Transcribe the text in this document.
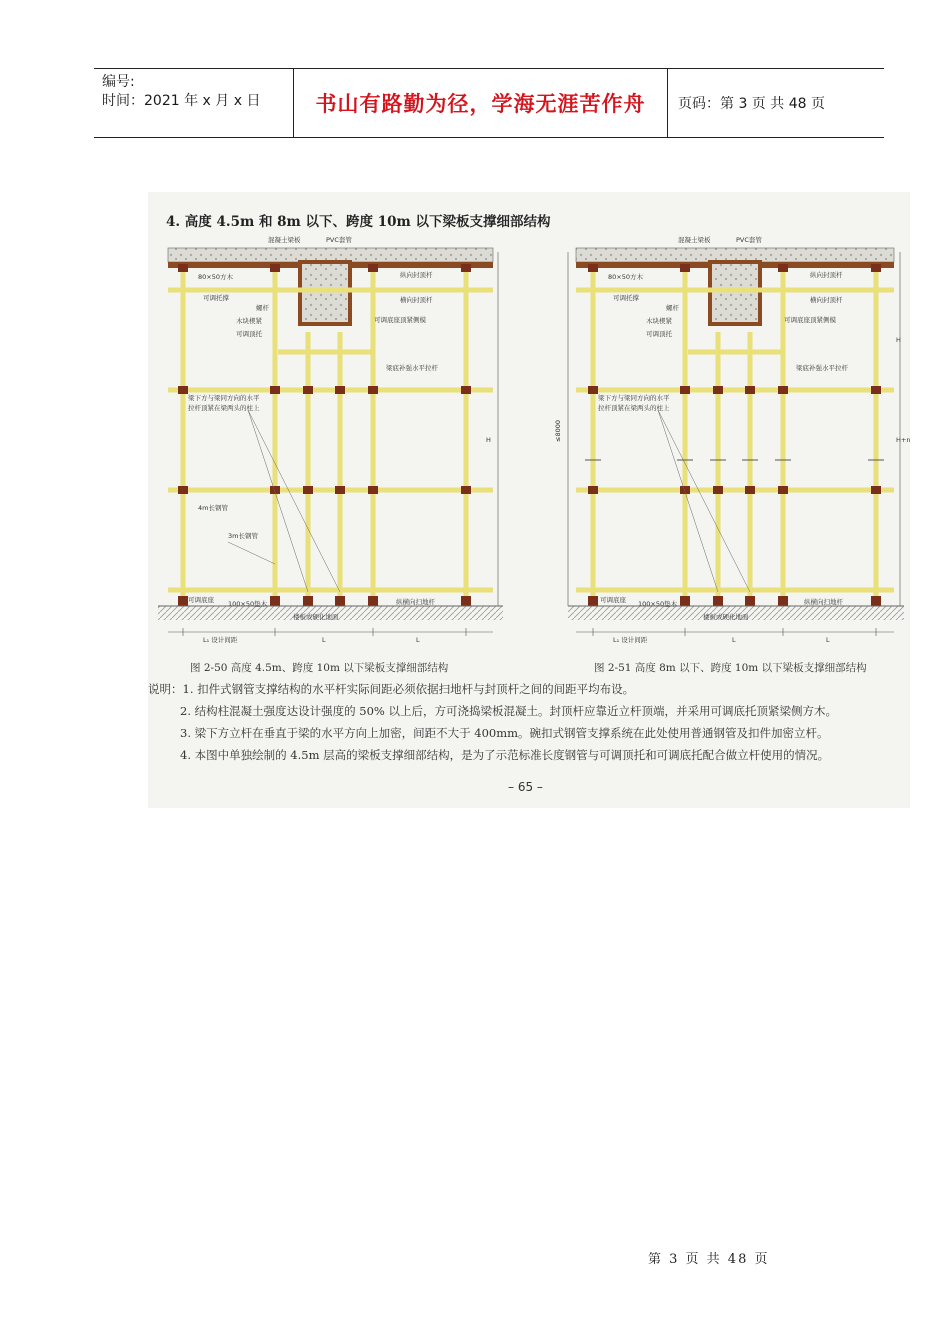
编号:
时间：2021 年 x 月 x 日	书山有路勤为径，学海无涯苦作舟	页码：第 3 页 共 48 页
4. 高度 4.5m 和 8m 以下、跨度 10m 以下梁板支撑细部结构
混凝土梁板	PVC套管
80×50方木	纵向封顶杆
可调托撑	横向封顶杆
螺杆
可调底座顶紧侧模
木块楔紧
可调顶托
梁底补强水平拉杆
梁下方与梁同方向的水平
拉杆顶紧在梁两头的柱上
4m长钢管
3m长钢管
可调底座 100×50垫木	纵横向扫地杆
楼板或硬化地面
L₁ 设计间距	L	L
H
混凝土梁板	PVC套管
80×50方木	纵向封顶杆
可调托撑	横向封顶杆
螺杆
可调底座顶紧侧模
木块楔紧
可调顶托
梁底补强水平拉杆
梁下方与梁同方向的水平
拉杆顶紧在梁两头的柱上
可调底座 100×50垫木	纵横向扫地杆
楼板或硬化地面
L₁ 设计间距	L	L
≤8000	H+n
H
图 2-50 高度 4.5m、跨度 10m 以下梁板支撑细部结构	图 2-51 高度 8m 以下、跨度 10m 以下梁板支撑细部结构
说明：1. 扣件式钢管支撑结构的水平杆实际间距必须依据扫地杆与封顶杆之间的间距平均布设。
2. 结构柱混凝土强度达设计强度的 50% 以上后，方可浇捣梁板混凝土。封顶杆应靠近立杆顶端，并采用可调底托顶紧梁侧方木。
3. 梁下方立杆在垂直于梁的水平方向上加密，间距不大于 400mm。碗扣式钢管支撑系统在此处使用普通钢管及扣件加密立杆。
4. 本图中单独绘制的 4.5m 层高的梁板支撑细部结构，是为了示范标准长度钢管与可调顶托和可调底托配合做立杆使用的情况。
– 65 –
第 3 页 共 48 页
